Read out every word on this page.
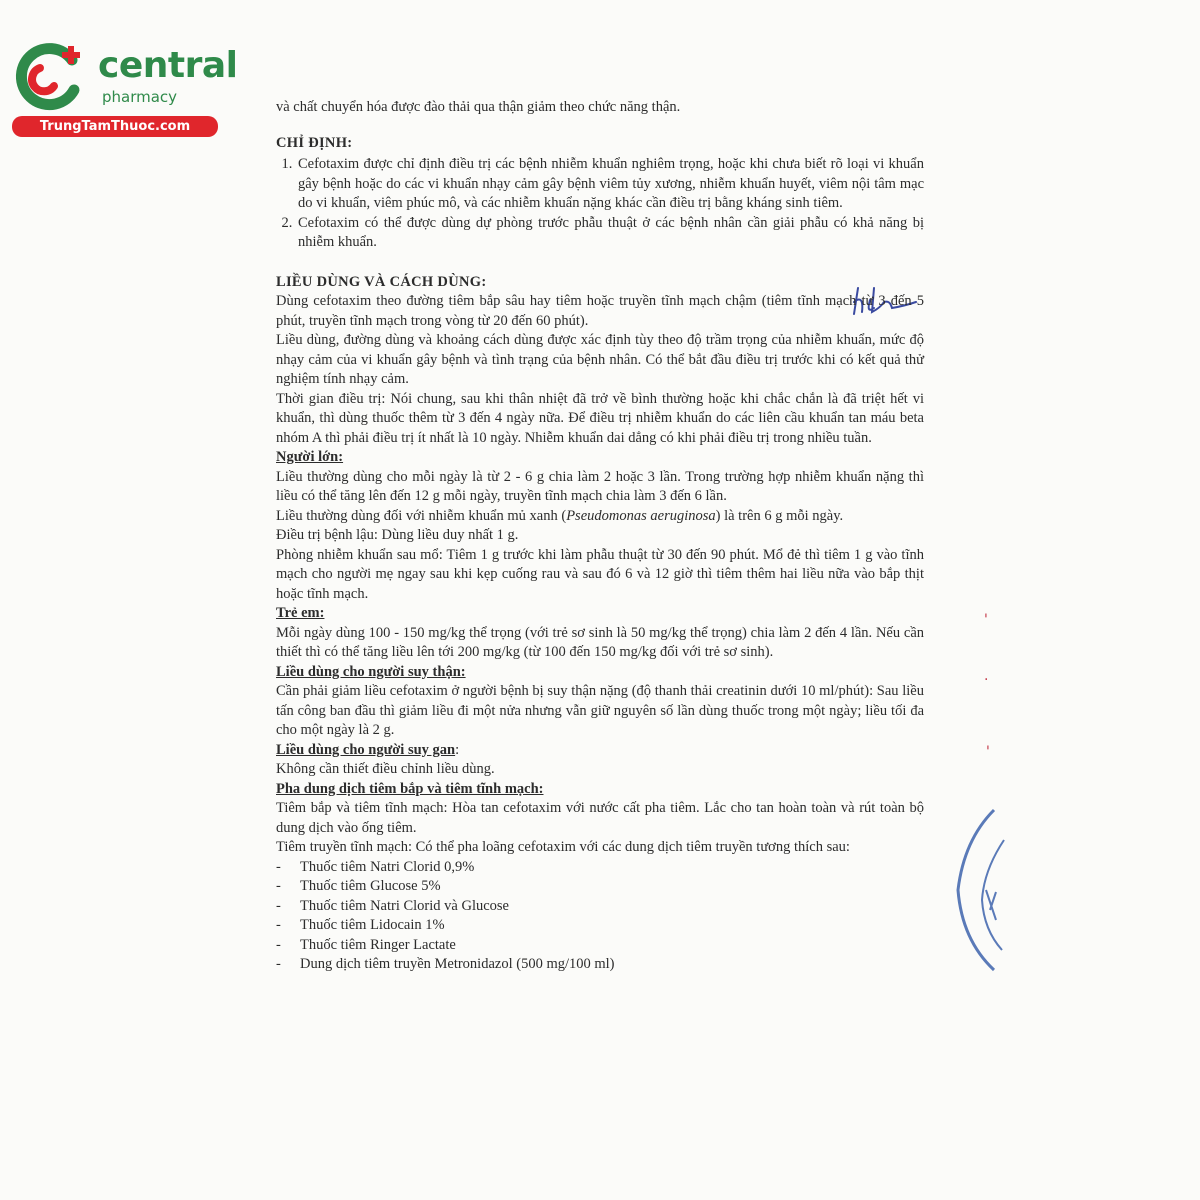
central
pharmacy
TrungTamThuoc.com
'
·
'

và chất chuyển hóa được đào thải qua thận giảm theo chức năng thận.

CHỈ ĐỊNH:

1. Cefotaxim được chỉ định điều trị các bệnh nhiễm khuẩn nghiêm trọng, hoặc khi chưa biết rõ loại vi khuẩn gây bệnh hoặc do các vi khuẩn nhạy cảm gây bệnh viêm tủy xương, nhiễm khuẩn huyết, viêm nội tâm mạc do vi khuẩn, viêm phúc mô, và các nhiễm khuẩn nặng khác cần điều trị bằng kháng sinh tiêm.
2. Cefotaxim có thể được dùng dự phòng trước phẫu thuật ở các bệnh nhân cần giải phẫu có khả năng bị nhiễm khuẩn.

LIỀU DÙNG VÀ CÁCH DÙNG:

Dùng cefotaxim theo đường tiêm bắp sâu hay tiêm hoặc truyền tĩnh mạch chậm (tiêm tĩnh mạch từ 3 đến 5 phút, truyền tĩnh mạch trong vòng từ 20 đến 60 phút).

Liều dùng, đường dùng và khoảng cách dùng được xác định tùy theo độ trầm trọng của nhiễm khuẩn, mức độ nhạy cảm của vi khuẩn gây bệnh và tình trạng của bệnh nhân. Có thể bắt đầu điều trị trước khi có kết quả thử nghiệm tính nhạy cảm.

Thời gian điều trị: Nói chung, sau khi thân nhiệt đã trở về bình thường hoặc khi chắc chắn là đã triệt hết vi khuẩn, thì dùng thuốc thêm từ 3 đến 4 ngày nữa. Để điều trị nhiễm khuẩn do các liên cầu khuẩn tan máu beta nhóm A thì phải điều trị ít nhất là 10 ngày. Nhiễm khuẩn dai dẳng có khi phải điều trị trong nhiều tuần.

Người lớn:

Liều thường dùng cho mỗi ngày là từ 2 - 6 g chia làm 2 hoặc 3 lần. Trong trường hợp nhiễm khuẩn nặng thì liều có thể tăng lên đến 12 g mỗi ngày, truyền tĩnh mạch chia làm 3 đến 6 lần.

Liều thường dùng đối với nhiễm khuẩn mủ xanh (Pseudomonas aeruginosa) là trên 6 g mỗi ngày.

Điều trị bệnh lậu: Dùng liều duy nhất 1 g.

Phòng nhiễm khuẩn sau mổ: Tiêm 1 g trước khi làm phẫu thuật từ 30 đến 90 phút. Mổ đẻ thì tiêm 1 g vào tĩnh mạch cho người mẹ ngay sau khi kẹp cuống rau và sau đó 6 và 12 giờ thì tiêm thêm hai liều nữa vào bắp thịt hoặc tĩnh mạch.

Trẻ em:

Mỗi ngày dùng 100 - 150 mg/kg thể trọng (với trẻ sơ sinh là 50 mg/kg thể trọng) chia làm 2 đến 4 lần. Nếu cần thiết thì có thể tăng liều lên tới 200 mg/kg (từ 100 đến 150 mg/kg đối với trẻ sơ sinh).

Liều dùng cho người suy thận:

Cần phải giảm liều cefotaxim ở người bệnh bị suy thận nặng (độ thanh thải creatinin dưới 10 ml/phút): Sau liều tấn công ban đầu thì giảm liều đi một nửa nhưng vẫn giữ nguyên số lần dùng thuốc trong một ngày; liều tối đa cho một ngày là 2 g.

Liều dùng cho người suy gan:

Không cần thiết điều chỉnh liều dùng.

Pha dung dịch tiêm bắp và tiêm tĩnh mạch:

Tiêm bắp và tiêm tĩnh mạch: Hòa tan cefotaxim với nước cất pha tiêm. Lắc cho tan hoàn toàn và rút toàn bộ dung dịch vào ống tiêm.

Tiêm truyền tĩnh mạch: Có thể pha loãng cefotaxim với các dung dịch tiêm truyền tương thích sau:

- Thuốc tiêm Natri Clorid 0,9%
- Thuốc tiêm Glucose 5%
- Thuốc tiêm Natri Clorid và Glucose
- Thuốc tiêm Lidocain 1%
- Thuốc tiêm Ringer Lactate
- Dung dịch tiêm truyền Metronidazol (500 mg/100 ml)
